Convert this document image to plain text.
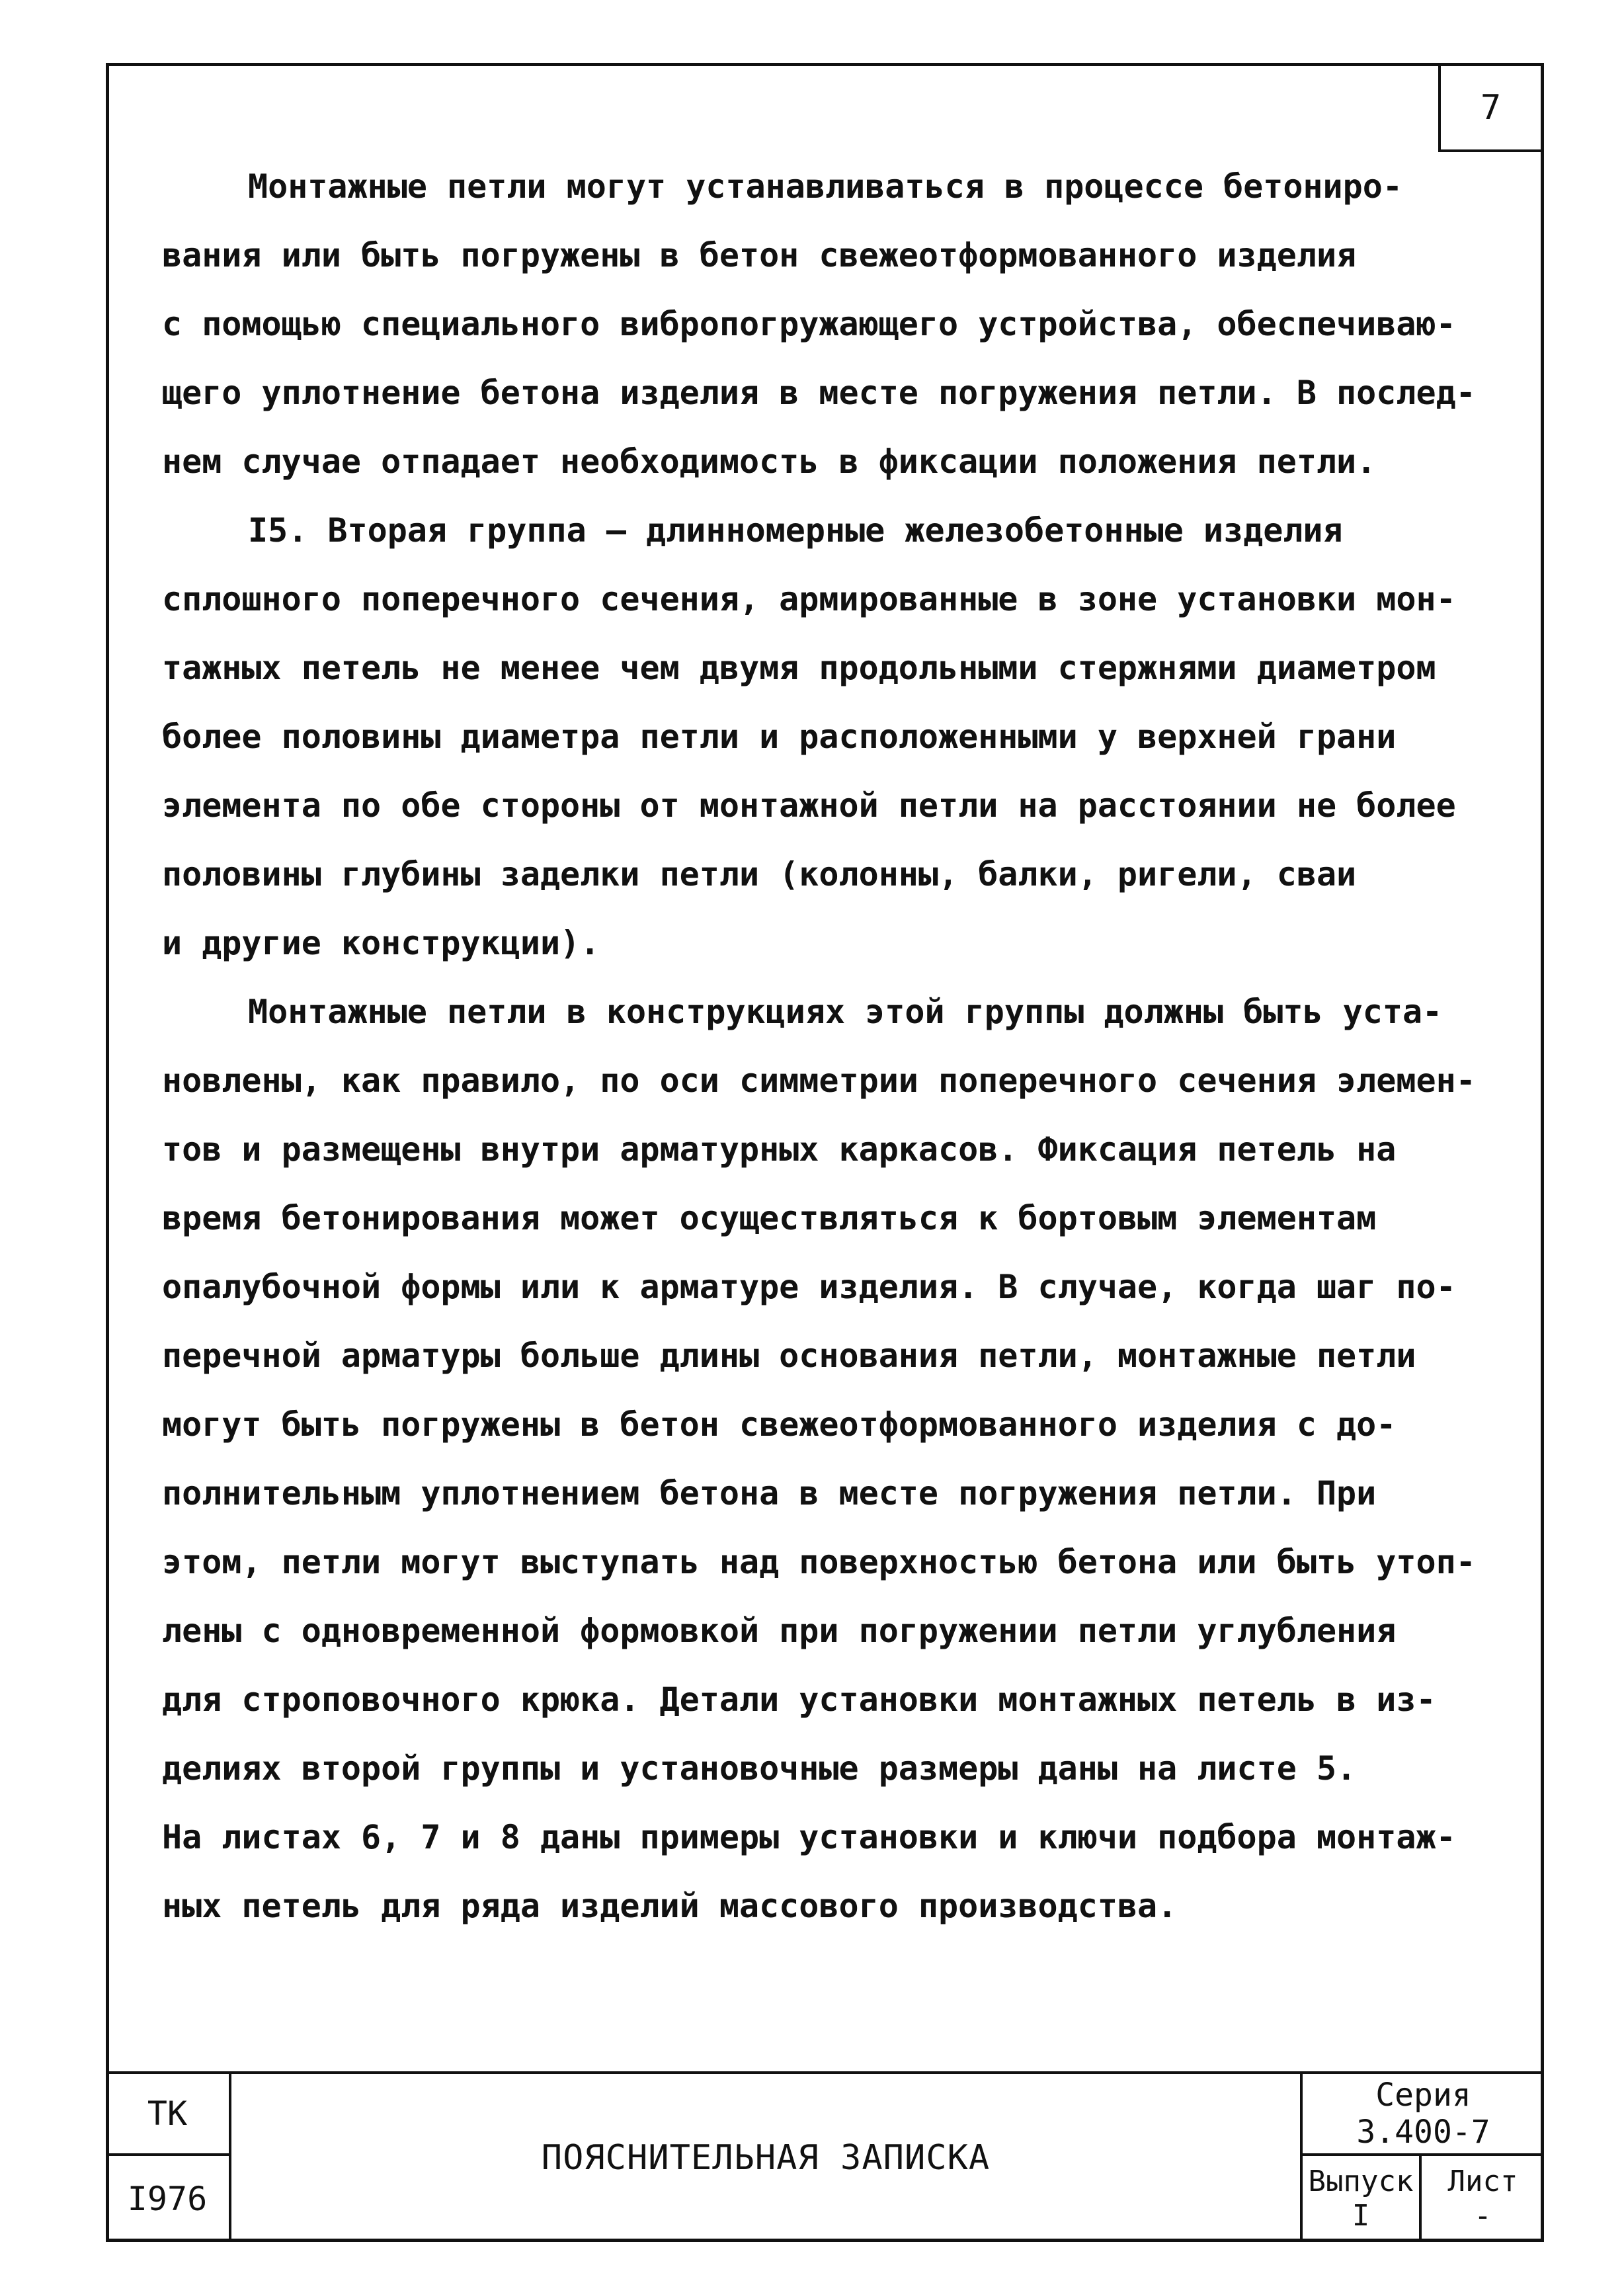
7
Монтажные петли могут устанавливаться в процессе бетониро-
вания или быть погружены в бетон свежеотформованного изделия
с помощью специального вибропогружающего устройства, обеспечиваю-
щего уплотнение бетона изделия в месте погружения петли. В послед-
нем случае отпадает необходимость в фиксации положения петли.
I5. Вторая группа – длинномерные железобетонные изделия
сплошного поперечного сечения, армированные в зоне установки мон-
тажных петель не менее чем двумя продольными стержнями диаметром
более половины диаметра петли и расположенными у верхней грани
элемента по обе стороны от монтажной петли на расстоянии не более
половины глубины заделки петли (колонны, балки, ригели, сваи
и другие конструкции).
Монтажные петли в конструкциях этой группы должны быть уста-
новлены, как правило, по оси симметрии поперечного сечения элемен-
тов и размещены внутри арматурных каркасов. Фиксация петель на
время бетонирования может осуществляться к бортовым элементам
опалубочной формы или к арматуре изделия. В случае, когда шаг по-
перечной арматуры больше длины основания петли, монтажные петли
могут быть погружены в бетон свежеотформованного изделия с до-
полнительным уплотнением бетона в месте погружения петли. При
этом, петли могут выступать над поверхностью бетона или быть утоп-
лены с одновременной формовкой при погружении петли углубления
для строповочного крюка. Детали установки монтажных петель в из-
делиях второй группы и установочные размеры даны на листе 5.
На листах 6, 7 и 8 даны примеры установки и ключи подбора монтаж-
ных петель для ряда изделий массового производства.
ТК
I976
ПОЯСНИТЕЛЬНАЯ ЗАПИСКА
Серия
3.400-7
Выпуск
I
Лист
-
